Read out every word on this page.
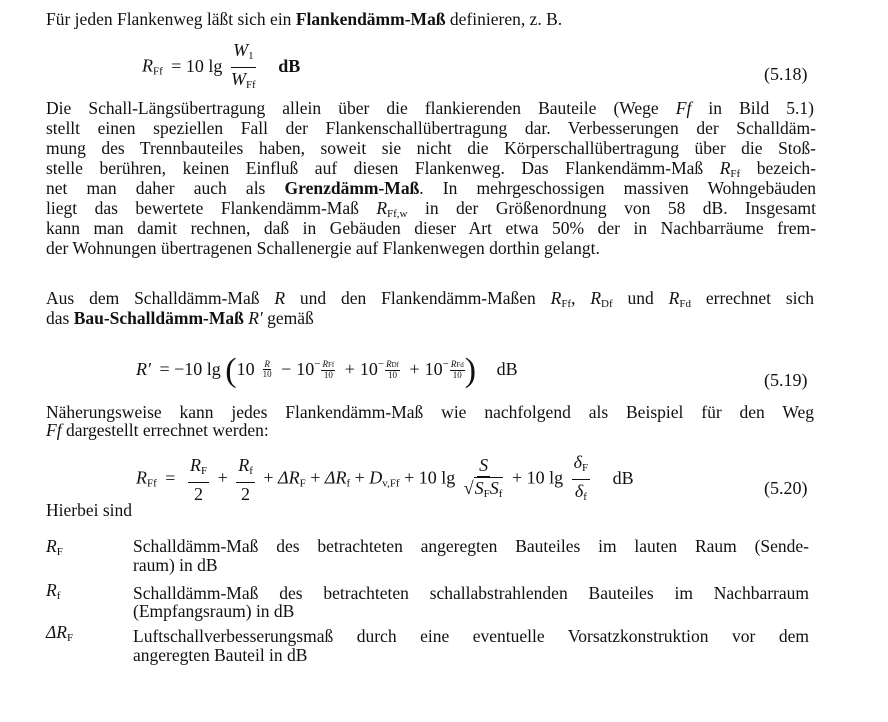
Für jeden Flankenweg läßt sich ein Flankendämm-Maß definieren, z. B.
$R_{Ff} = 10$ $\lg \frac{W_1}{W_{Ff}}$ dB	(5.18)
Die Schall-Längsübertragung allein über die flankierenden Bauteile (Wege Ff in Bild 5.1)
stellt einen speziellen Fall der Flankenschallübertragung dar. Verbesserungen der Schalldäm-
mung des Trennbauteiles haben, soweit sie nicht die Körperschallübertragung über die Stoß-
stelle berühren, keinen Einfluß auf diesen Flankenweg. Das Flankendämm-Maß $R_{Ff}$ bezeich-
net man daher auch als Grenzdämm-Maß. In mehrgeschossigen massiven Wohngebäuden
liegt das bewertete Flankendämm-Maß $R_{Ff,w}$ in der Größenordnung von 58 dB. Insgesamt
kann man damit rechnen, daß in Gebäuden dieser Art etwa 50% der in Nachbarräume frem-
der Wohnungen übertragenen Schallenergie auf Flankenwegen dorthin gelangt.
Aus dem Schalldämm-Maß R und den Flankendämm-Maßen $R_{Ff}$, $R_{Df}$ und $R_{Fd}$ errechnet sich
das Bau-Schalldämm-Maß R′ gemäß
R′ = −10 $\lg (10 \frac{R}{10} - 10^- \frac{\text{RFf}}{10} + 10^- \frac{\text{RDf}}{10} + 10^- \frac{\text{RFd}}{10}$ ) dB
(5.19)
Näherungsweise kann jedes Flankendämm-Maß wie nachfolgend als Beispiel für den Weg
Ff dargestellt errechnet werden:
$R_{Ff} = \frac{R_F}{2} + \frac{R_f}{2} + \Delta R_F + \Delta R_f + D_{v,Ff} + 10$ $\lg \frac{S}{√S_FS_f} + 10$ $\lg \frac{\delta_F}{\delta_f}$ dB
(5.20)
Hierbei sind
$R_F$	Schalldämm-Maß des betrachteten angeregten Bauteiles im lauten Raum (Sende-
raum) in dB
$R_f$	Schalldämm-Maß des betrachteten schallabstrahlenden Bauteiles im Nachbarraum
(Empfangsraum) in dB
$\Delta R_F$	Luftschallverbesserungsmaß durch eine eventuelle Vorsatzkonstruktion vor dem
angeregten Bauteil in dB
